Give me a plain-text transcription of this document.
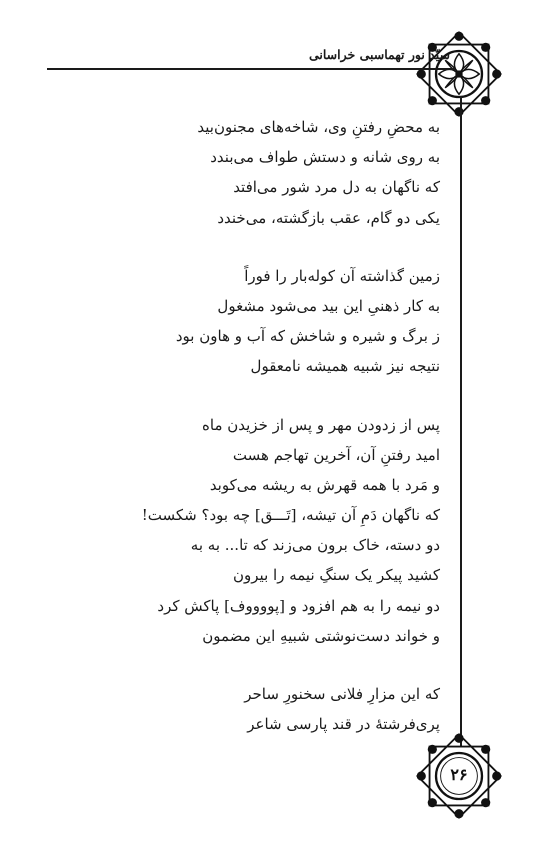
سیّد نور تهماسبی خراسانی
به محضِ رفتنِ وی، شاخه‌های مجنون‌بید
به روی شانه و دستش طواف می‌بندد
که ناگهان به دل مرد شور می‌افتد
یکی دو گام، عقب بازگشته، می‌خندد
زمین گذاشته آن کوله‌بار را فوراً
به کار ذهنیِ این بید می‌شود مشغول
ز برگ و شیره و شاخش که آب و هاون بود
نتیجه نیز شبیه همیشه نامعقول
پس از زدودن مهر و پس از خزیدن ماه
امید رفتنِ آن، آخرین تهاجم هست
و مَرد با همه قهرش به ریشه می‌کوبد
که ناگهان دَمِ آن تیشه، [تَـــق] چه بود؟ شکست!
دو دسته، خاک برون می‌زند که تا... به به
کشید پیکر یک سنگِ نیمه را بیرون
دو نیمه را به هم افزود و [پووووف] پاکش کرد
و خواند دست‌نوشتی شبیهِ این مضمون
که این مزارِ فلانی سخنورِ ساحر
پری‌فرشتهٔ در قند پارسی شاعر
۲۶
